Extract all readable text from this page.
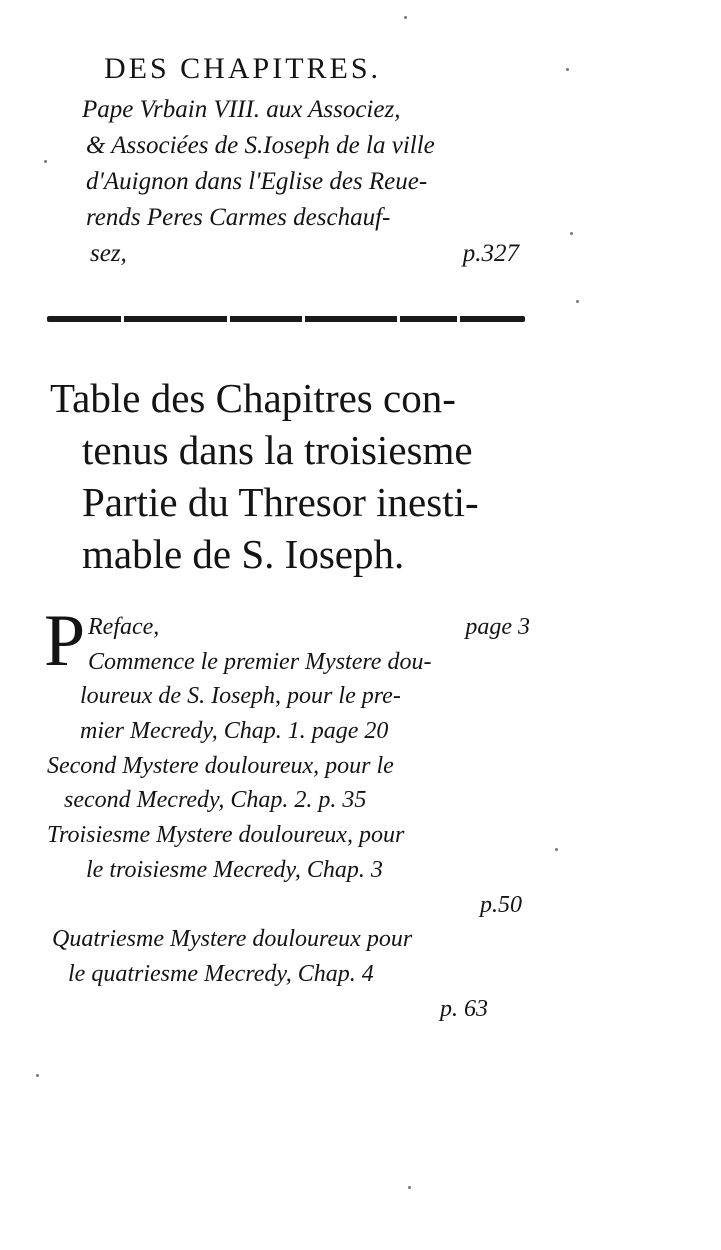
DES CHAPITRES.
Pape Vrbain VIII. aux Associez,
& Associées de S.Ioseph de la ville
d'Auignon dans l'Eglise des Reue-
rends Peres Carmes deschauf-
sez,	p.327
Table des Chapitres con-
tenus dans la troisiesme
Partie du Thresor inesti-
mable de S. Ioseph.
P Reface,	page 3
Commence le premier Mystere dou-
loureux de S. Ioseph, pour le pre-
mier Mecredy, Chap. 1. page 20
Second Mystere douloureux, pour le
second Mecredy, Chap. 2. p. 35
Troisiesme Mystere douloureux, pour
le troisiesme Mecredy, Chap. 3
p.50
Quatriesme Mystere douloureux pour
le quatriesme Mecredy, Chap. 4
p. 63
